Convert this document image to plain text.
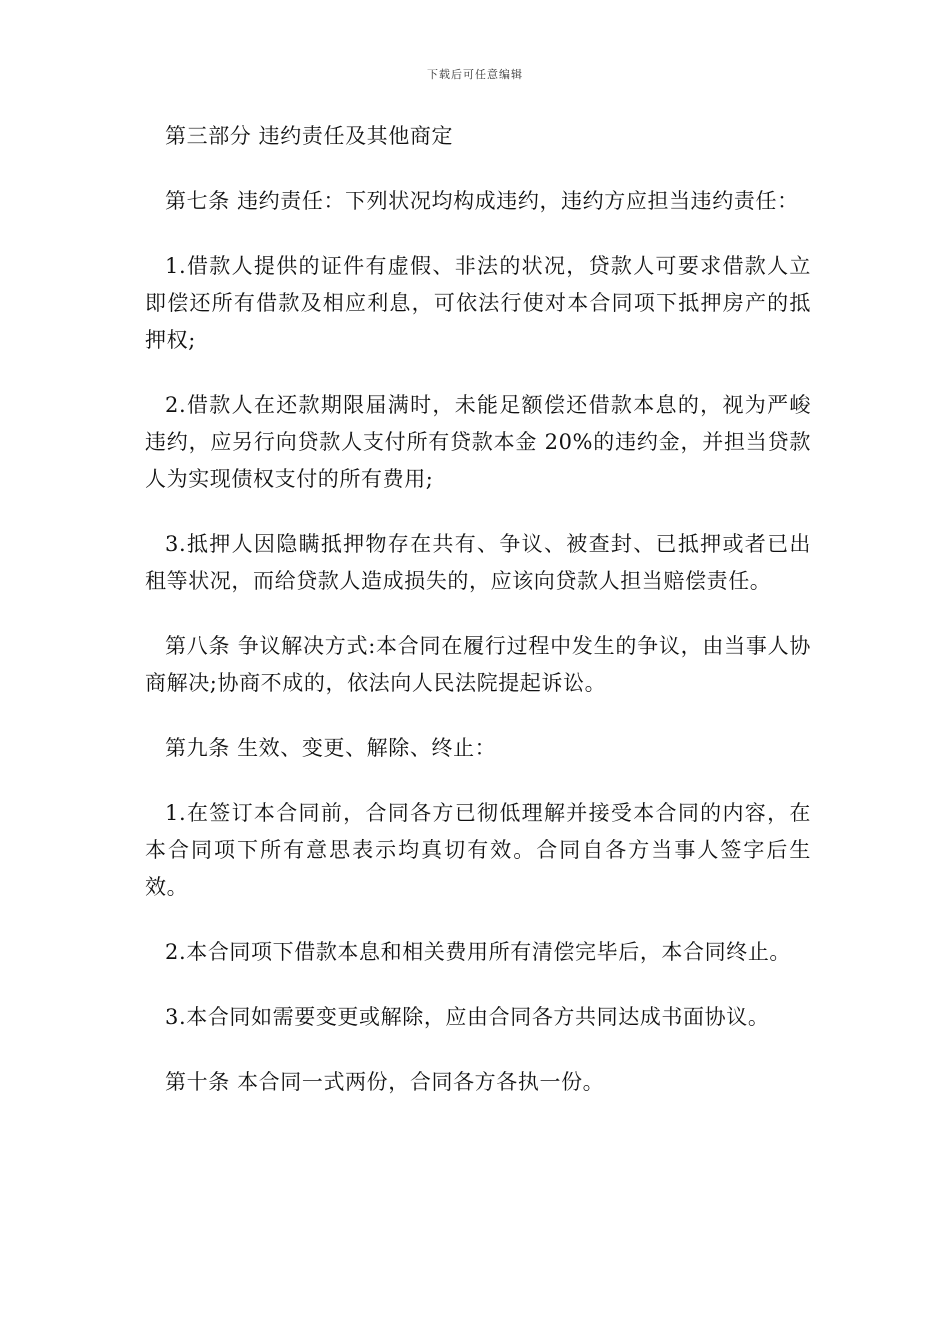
下载后可任意编辑

第三部分 违约责任及其他商定

第七条 违约责任：下列状况均构成违约，违约方应担当违约责任：

1.借款人提供的证件有虚假、非法的状况，贷款人可要求借款人立即偿还所有借款及相应利息，可依法行使对本合同项下抵押房产的抵押权;

2.借款人在还款期限届满时，未能足额偿还借款本息的，视为严峻违约，应另行向贷款人支付所有贷款本金 20%的违约金，并担当贷款人为实现债权支付的所有费用;

3.抵押人因隐瞒抵押物存在共有、争议、被查封、已抵押或者已出租等状况，而给贷款人造成损失的，应该向贷款人担当赔偿责任。

第八条 争议解决方式:本合同在履行过程中发生的争议，由当事人协商解决;协商不成的，依法向人民法院提起诉讼。

第九条 生效、变更、解除、终止：

1.在签订本合同前，合同各方已彻低理解并接受本合同的内容，在本合同项下所有意思表示均真切有效。合同自各方当事人签字后生效。

2.本合同项下借款本息和相关费用所有清偿完毕后，本合同终止。

3.本合同如需要变更或解除，应由合同各方共同达成书面协议。

第十条 本合同一式两份，合同各方各执一份。
